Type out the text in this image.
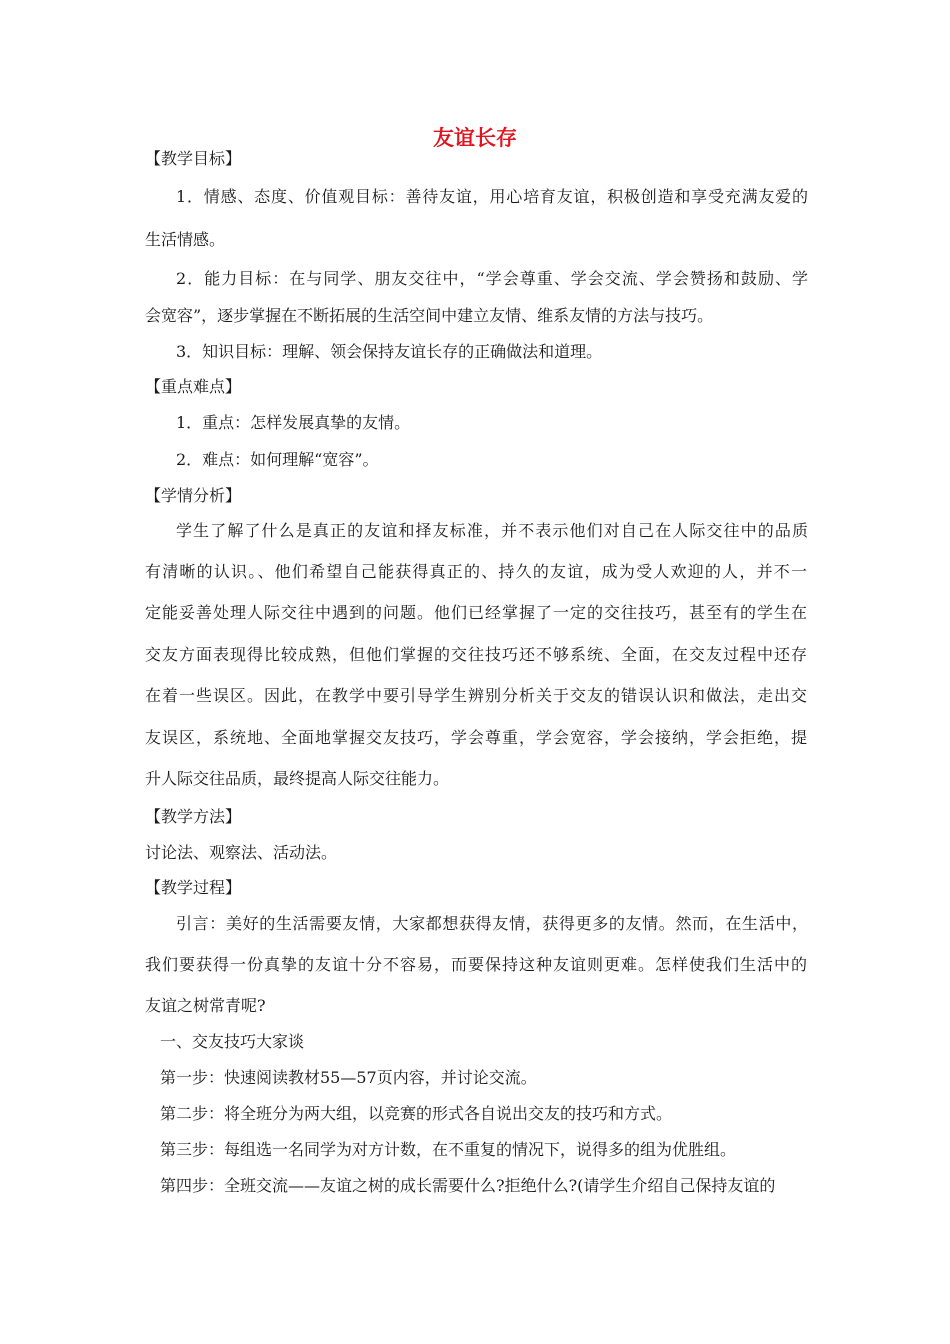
友谊长存
【教学目标】
1．情感、态度、价值观目标：善待友谊，用心培育友谊，积极创造和享受充满友爱的
生活情感。
2．能力目标：在与同学、朋友交往中，“学会尊重、学会交流、学会赞扬和鼓励、学
会宽容”，逐步掌握在不断拓展的生活空间中建立友情、维系友情的方法与技巧。
3．知识目标：理解、领会保持友谊长存的正确做法和道理。
【重点难点】
1．重点：怎样发展真挚的友情。
2．难点：如何理解“宽容”。
【学情分析】
学生了解了什么是真正的友谊和择友标准，并不表示他们对自己在人际交往中的品质
有清晰的认识。、他们希望自己能获得真正的、持久的友谊，成为受人欢迎的人，并不一
定能妥善处理人际交往中遇到的问题。他们已经掌握了一定的交往技巧，甚至有的学生在
交友方面表现得比较成熟，但他们掌握的交往技巧还不够系统、全面，在交友过程中还存
在着一些误区。因此，在教学中要引导学生辨别分析关于交友的错误认识和做法，走出交
友误区，系统地、全面地掌握交友技巧，学会尊重，学会宽容，学会接纳，学会拒绝，提
升人际交往品质，最终提高人际交往能力。
【教学方法】
讨论法、观察法、活动法。
【教学过程】
引言：美好的生活需要友情，大家都想获得友情，获得更多的友情。然而，在生活中，
我们要获得一份真挚的友谊十分不容易，而要保持这种友谊则更难。怎样使我们生活中的
友谊之树常青呢?
一、交友技巧大家谈
第一步：快速阅读教材55—57页内容，并讨论交流。
第二步：将全班分为两大组，以竞赛的形式各自说出交友的技巧和方式。
第三步：每组选一名同学为对方计数，在不重复的情况下，说得多的组为优胜组。
第四步：全班交流——友谊之树的成长需要什么?拒绝什么?(请学生介绍自己保持友谊的
